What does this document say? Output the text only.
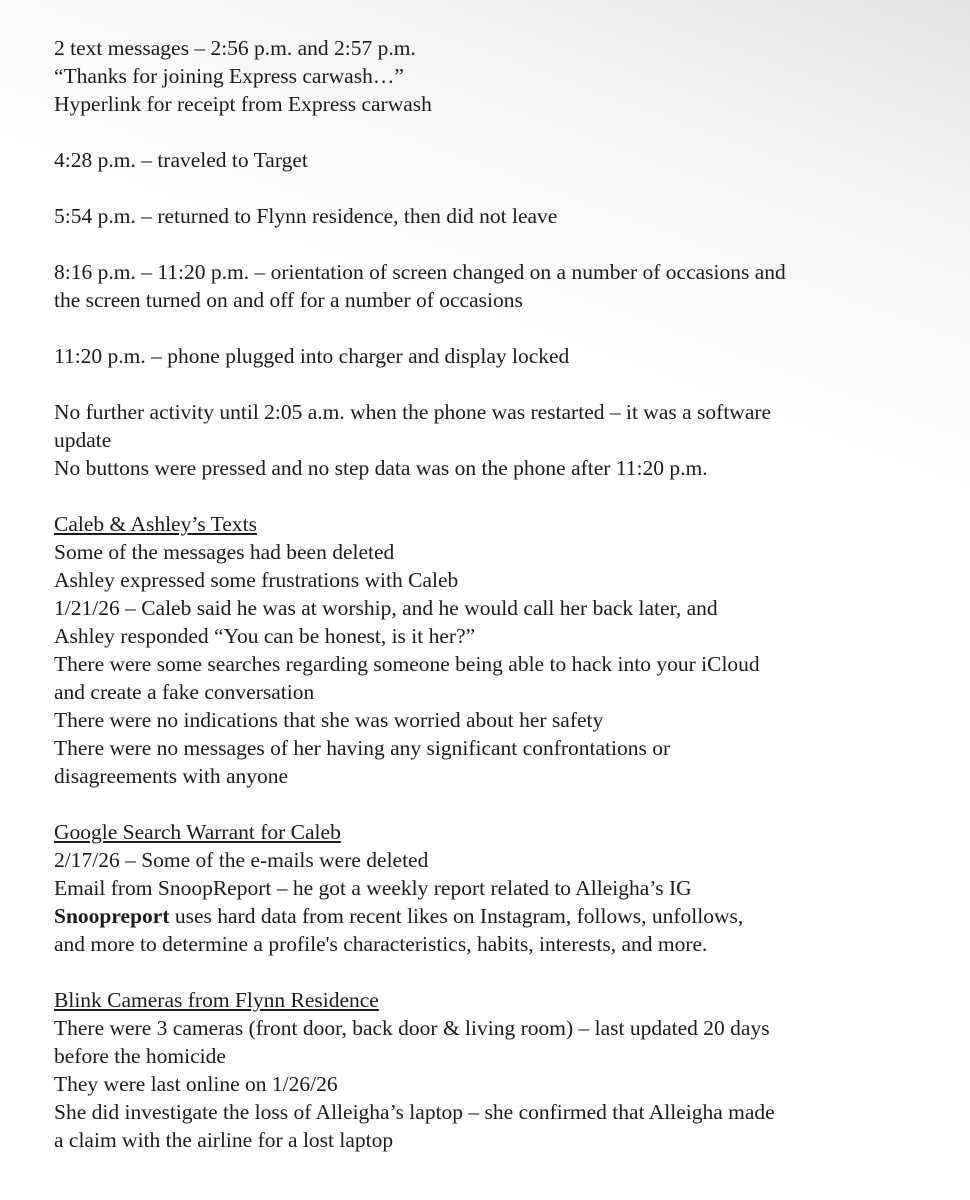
2 text messages – 2:56 p.m. and 2:57 p.m.
“Thanks for joining Express carwash…”
Hyperlink for receipt from Express carwash
4:28 p.m. – traveled to Target
5:54 p.m. – returned to Flynn residence, then did not leave
8:16 p.m. – 11:20 p.m. – orientation of screen changed on a number of occasions and
the screen turned on and off for a number of occasions
11:20 p.m. – phone plugged into charger and display locked
No further activity until 2:05 a.m. when the phone was restarted – it was a software
update
No buttons were pressed and no step data was on the phone after 11:20 p.m.
Caleb & Ashley’s Texts
Some of the messages had been deleted
Ashley expressed some frustrations with Caleb
1/21/26 – Caleb said he was at worship, and he would call her back later, and
Ashley responded “You can be honest, is it her?”
There were some searches regarding someone being able to hack into your iCloud
and create a fake conversation
There were no indications that she was worried about her safety
There were no messages of her having any significant confrontations or
disagreements with anyone
Google Search Warrant for Caleb
2/17/26 – Some of the e-mails were deleted
Email from SnoopReport – he got a weekly report related to Alleigha’s IG
Snoopreport uses hard data from recent likes on Instagram, follows, unfollows,
and more to determine a profile's characteristics, habits, interests, and more.
Blink Cameras from Flynn Residence
There were 3 cameras (front door, back door & living room) – last updated 20 days
before the homicide
They were last online on 1/26/26
She did investigate the loss of Alleigha’s laptop – she confirmed that Alleigha made
a claim with the airline for a lost laptop
